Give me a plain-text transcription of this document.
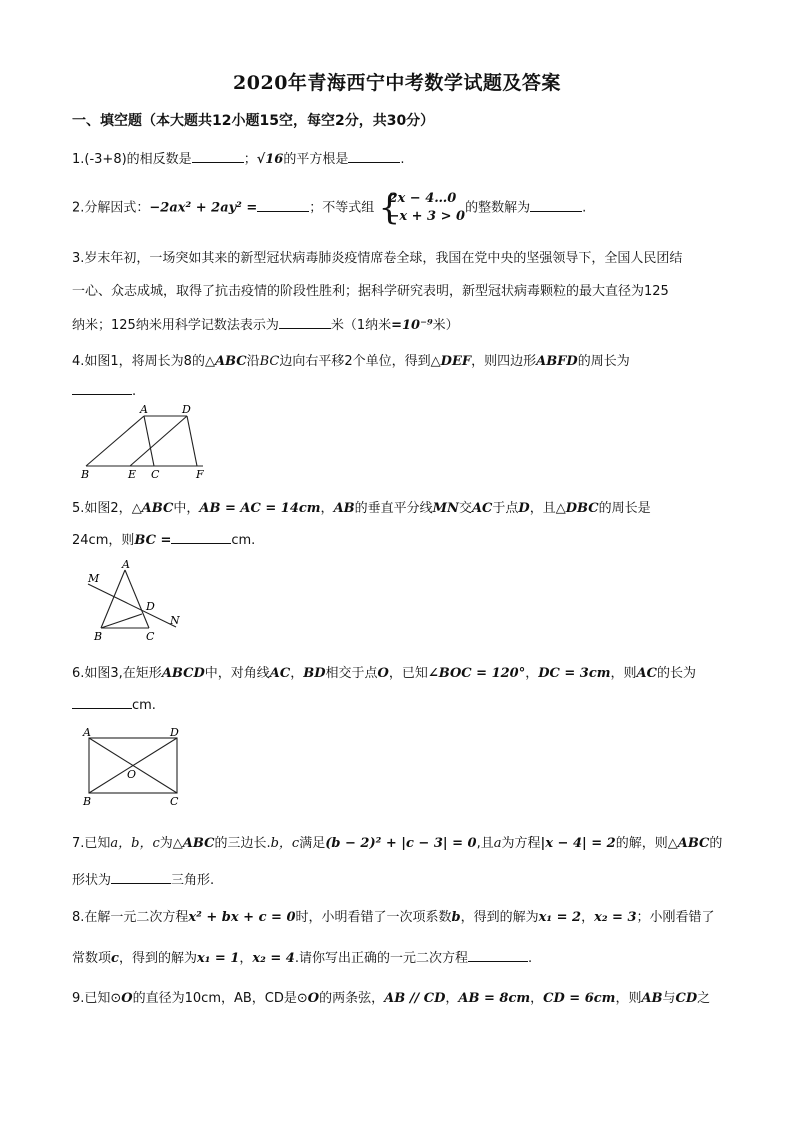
2020年青海西宁中考数学试题及答案
一、填空题（本大题共12小题15空，每空2分，共30分）
1.(-3+8)的相反数是	；√16的平方根是	.
2.分解因式：−2ax² + 2ay² =	；不等式组 {
2x − 4…0
−x + 3 > 0
的整数解为	.
3.岁末年初，一场突如其来的新型冠状病毒肺炎疫情席卷全球，我国在党中央的坚强领导下，全国人民团结
一心、众志成城，取得了抗击疫情的阶段性胜利；据科学研究表明，新型冠状病毒颗粒的最大直径为125
纳米；125纳米用科学记数法表示为	米（1纳米=10⁻⁹米）
4.如图1，将周长为8的△ABC沿BC边向右平移2个单位，得到△DEF，则四边形ABFD的周长为
.
A	D
B	E C	F
5.如图2，△ABC中，AB = AC = 14cm，AB的垂直平分线MN交AC于点D，且△DBC的周长是
24cm，则BC =	cm.
M
A
D
N
B	C
6.如图3,在矩形ABCD中，对角线AC，BD相交于点O，已知∠BOC = 120°，DC = 3cm，则AC的长为
cm.
A	D
O
B	C
7.已知a，b，c为△ABC的三边长.b，c满足(b − 2)² + |c − 3| = 0,且a为方程|x − 4| = 2的解，则△ABC的
形状为	三角形.
8.在解一元二次方程x² + bx + c = 0时，小明看错了一次项系数b，得到的解为x₁ = 2，x₂ = 3；小刚看错了
常数项c，得到的解为x₁ = 1，x₂ = 4.请你写出正确的一元二次方程	.
9.已知⊙O的直径为10cm，AB，CD是⊙O的两条弦，AB // CD，AB = 8cm，CD = 6cm，则AB与CD之
